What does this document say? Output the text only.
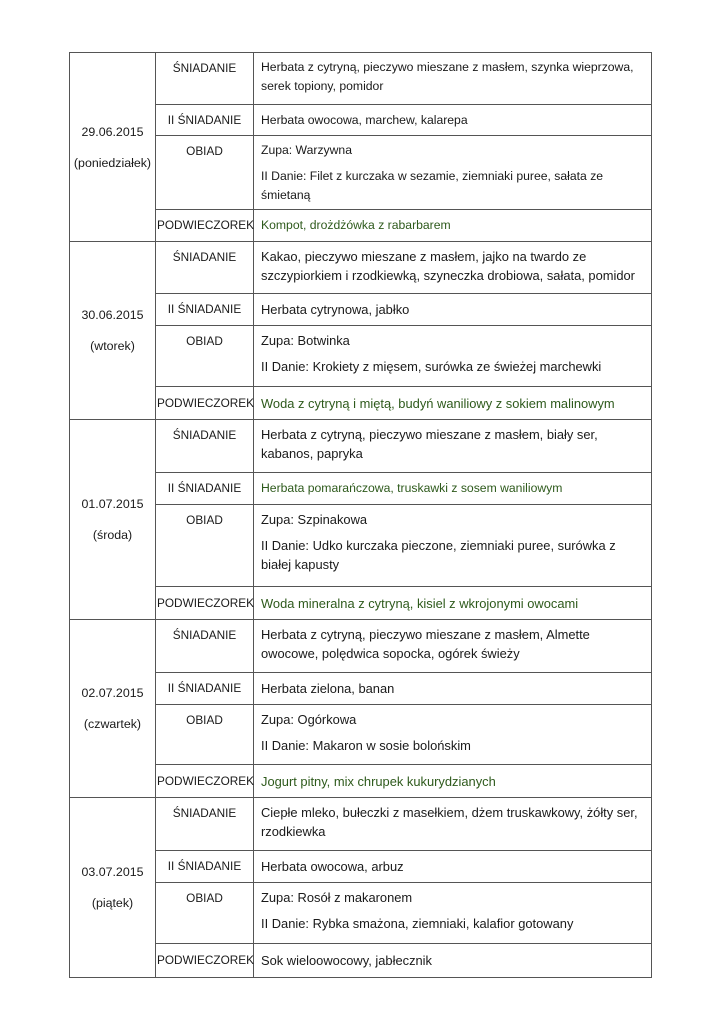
29.06.2015
(poniedziałek)	ŚNIADANIE	Herbata z cytryną, pieczywo mieszane z masłem, szynka wieprzowa, serek topiony, pomidor
	II ŚNIADANIE	Herbata owocowa, marchew, kalarepa
	OBIAD	Zupa: Warzywna
II Danie: Filet z kurczaka w sezamie, ziemniaki puree, sałata ze śmietaną

	PODWIECZOREK	Kompot, drożdżówka z rabarbarem

30.06.2015
(wtorek)	ŚNIADANIE	Kakao, pieczywo mieszane z masłem, jajko na twardo ze szczypiorkiem i rzodkiewką, szyneczka drobiowa, sałata, pomidor
	II ŚNIADANIE	Herbata cytrynowa, jabłko
	OBIAD	Zupa: Botwinka
II Danie: Krokiety z mięsem, surówka ze świeżej marchewki

	PODWIECZOREK	Woda z cytryną i miętą, budyń waniliowy z sokiem malinowym

01.07.2015
(środa)	ŚNIADANIE	Herbata z cytryną, pieczywo mieszane z masłem, biały ser, kabanos, papryka
	II ŚNIADANIE	Herbata pomarańczowa, truskawki z sosem waniliowym
	OBIAD	Zupa: Szpinakowa
II Danie: Udko kurczaka pieczone, ziemniaki puree, surówka z białej kapusty

	PODWIECZOREK	Woda mineralna z cytryną, kisiel z wkrojonymi owocami

02.07.2015
(czwartek)	ŚNIADANIE	Herbata z cytryną, pieczywo mieszane z masłem, Almette owocowe, polędwica sopocka, ogórek świeży
	II ŚNIADANIE	Herbata zielona, banan
	OBIAD	Zupa: Ogórkowa
II Danie: Makaron w sosie bolońskim

	PODWIECZOREK	Jogurt pitny, mix chrupek kukurydzianych

03.07.2015
(piątek)	ŚNIADANIE	Ciepłe mleko, bułeczki z masełkiem, dżem truskawkowy, żółty ser, rzodkiewka
	II ŚNIADANIE	Herbata owocowa, arbuz
	OBIAD	Zupa: Rosół z makaronem
II Danie: Rybka smażona, ziemniaki, kalafior gotowany

	PODWIECZOREK	Sok wieloowocowy, jabłecznik
